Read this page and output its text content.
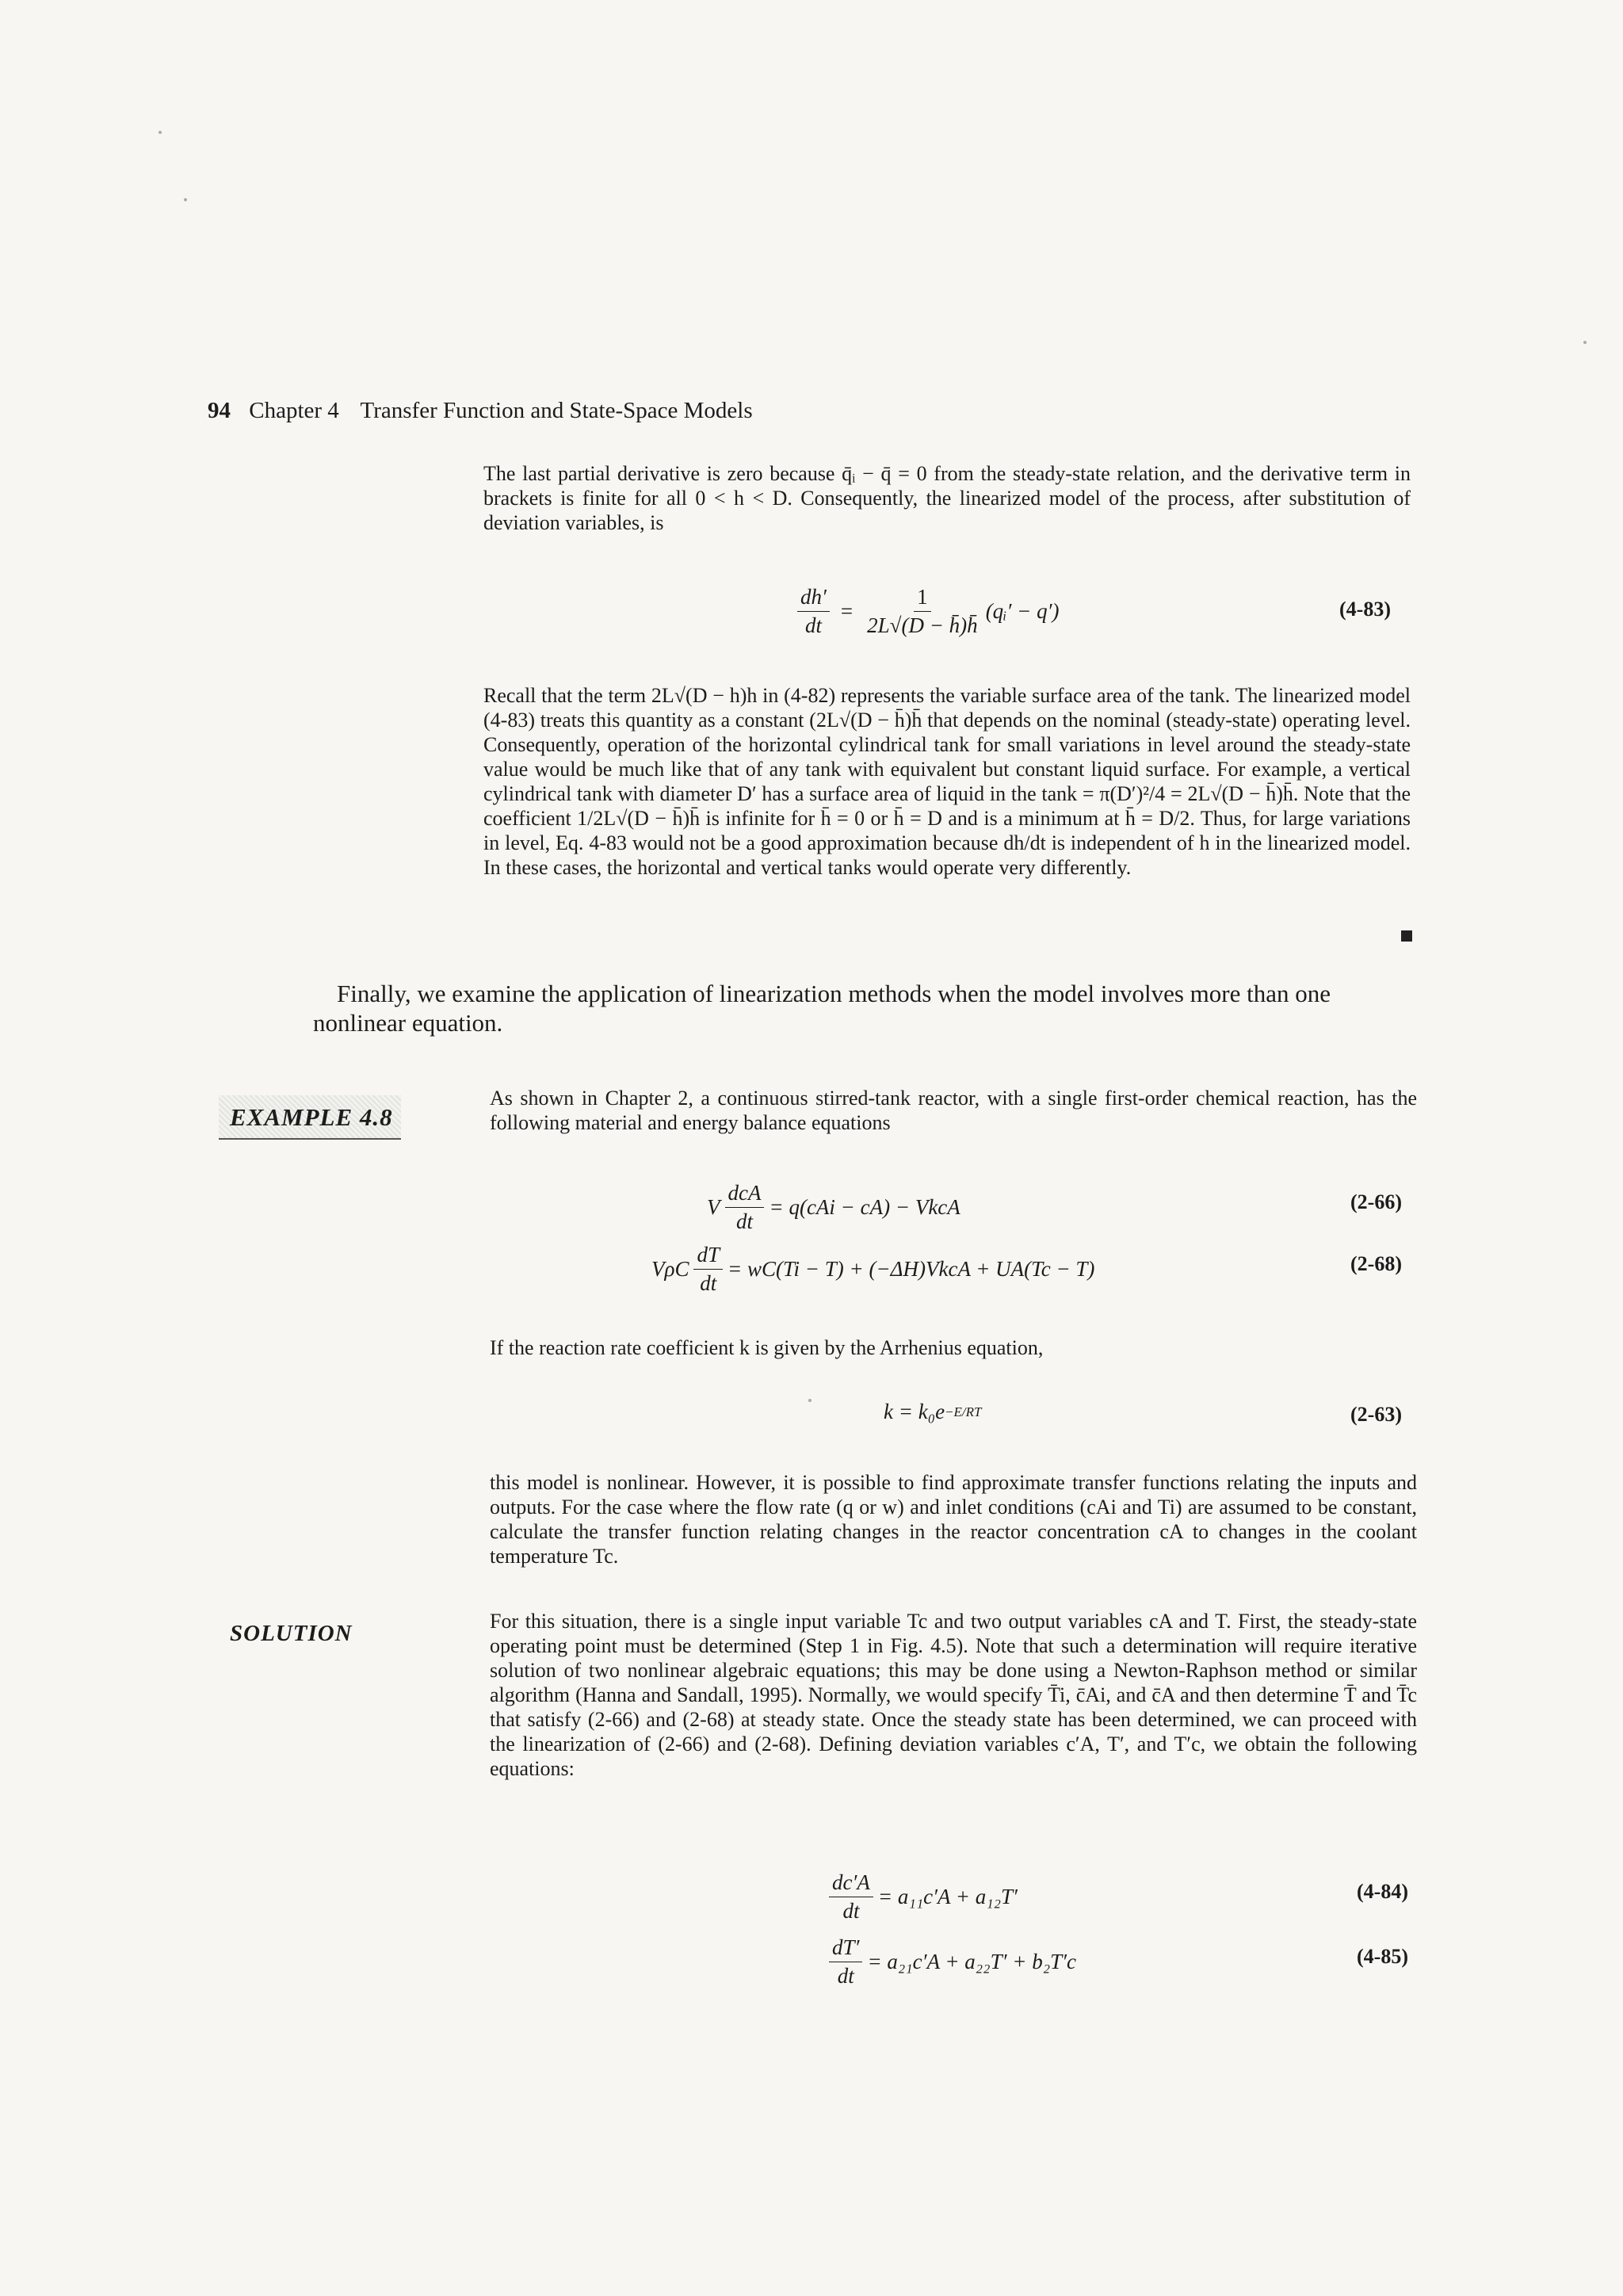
94 Chapter 4 Transfer Function and State-Space Models
The last partial derivative is zero because q̄ᵢ − q̄ = 0 from the steady-state relation, and the derivative term in brackets is finite for all 0 < h < D. Consequently, the linearized model of the process, after substitution of deviation variables, is
$\frac{dh'}{dt} = \frac{1}{2L√(D - h̄)h̄}$ (qᵢ′ − q′)	(4-83)
Recall that the term 2L√(D − h)h in (4-82) represents the variable surface area of the tank. The linearized model (4-83) treats this quantity as a constant (2L√(D − h̄)h̄ that depends on the nominal (steady-state) operating level. Consequently, operation of the horizontal cylindrical tank for small variations in level around the steady-state value would be much like that of any tank with equivalent but constant liquid surface. For example, a vertical cylindrical tank with diameter D′ has a surface area of liquid in the tank = π(D′)²/4 = 2L√(D − h̄)h̄. Note that the coefficient 1/2L√(D − h̄)h̄ is infinite for h̄ = 0 or h̄ = D and is a minimum at h̄ = D/2. Thus, for large variations in level, Eq. 4-83 would not be a good approximation because dh/dt is independent of h in the linearized model. In these cases, the horizontal and vertical tanks would operate very differently.
Finally, we examine the application of linearization methods when the model involves more than one nonlinear equation.
EXAMPLE 4.8
As shown in Chapter 2, a continuous stirred-tank reactor, with a single first-order chemical reaction, has the following material and energy balance equations
V $\frac{\text{dcA}}{dt} = q(cAi - cA)$ − VkcA	(2-66)
VρC $\frac{dT}{dt} = wC(Ti - T)$ + (−ΔH)VkcA + UA(Tc − T)	(2-68)
If the reaction rate coefficient k is given by the Arrhenius equation,
k = k₀e −E/RT	(2-63)
this model is nonlinear. However, it is possible to find approximate transfer functions relating the inputs and outputs. For the case where the flow rate (q or w) and inlet conditions (cAi and Ti) are assumed to be constant, calculate the transfer function relating changes in the reactor concentration cA to changes in the coolant temperature Tc.
SOLUTION	For this situation, there is a single input variable Tc and two output variables cA and T. First, the steady-state operating point must be determined (Step 1 in Fig. 4.5). Note that such a determination will require iterative solution of two nonlinear algebraic equations; this may be done using a Newton-Raphson method or similar algorithm (Hanna and Sandall, 1995). Normally, we would specify T̄i, c̄Ai, and c̄A and then determine T̄ and T̄c that satisfy (2-66) and (2-68) at steady state. Once the steady state has been determined, we can proceed with the linearization of (2-66) and (2-68). Defining deviation variables c′A, T′, and T′c, we obtain the following equations:
$\frac{dc'A}{dt} = a_{11}c'A + a_{12}T'$	(4-84)
$\frac{dT'}{dt} = a_{21}c'A + a_{22}T' + b_2T'c$	(4-85)
